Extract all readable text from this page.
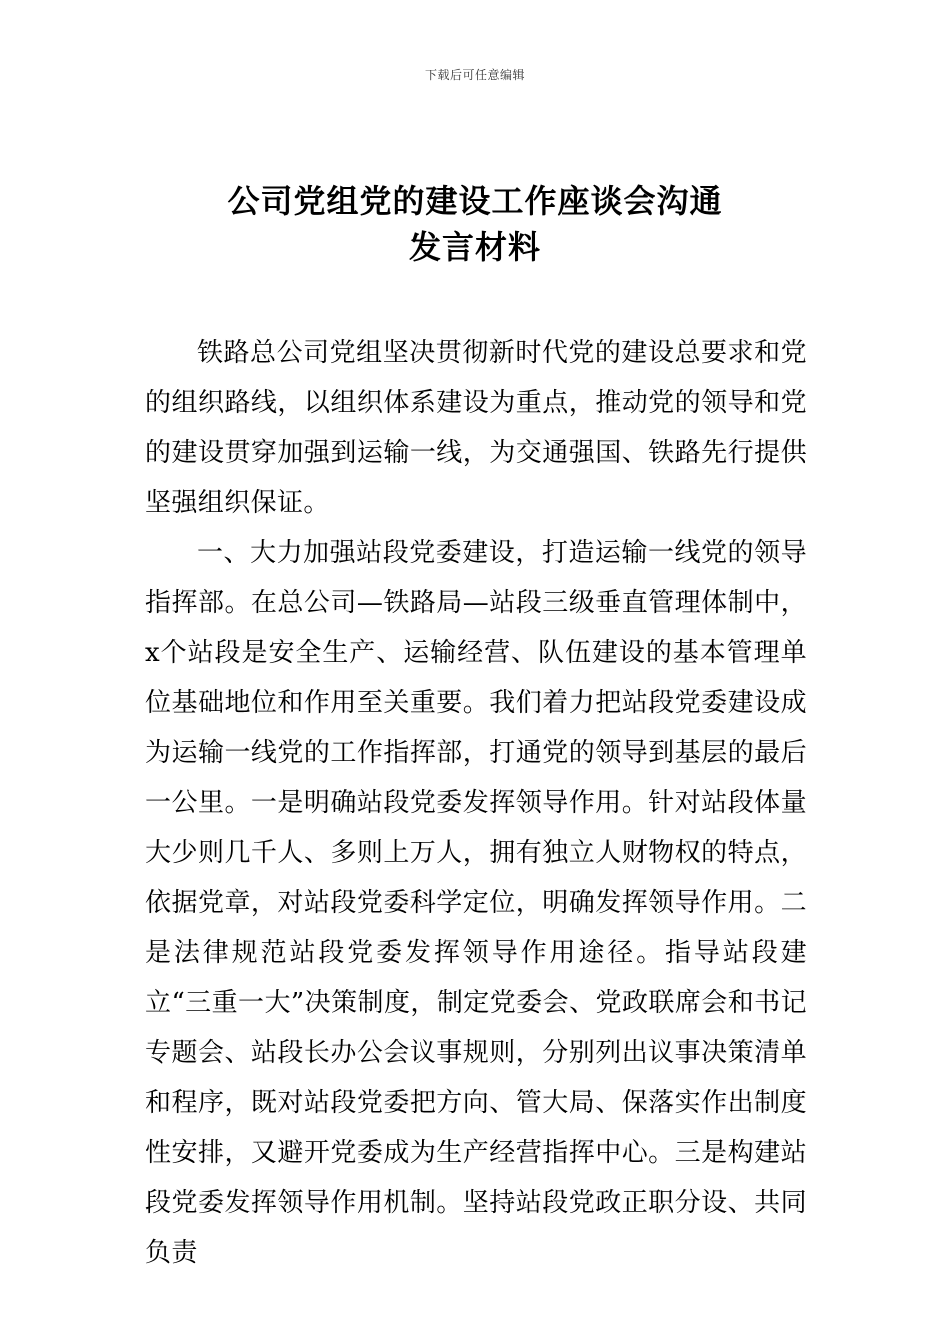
下载后可任意编辑
公司党组党的建设工作座谈会沟通
发言材料

铁路总公司党组坚决贯彻新时代党的建设总要求和党的组织路线，以组织体系建设为重点，推动党的领导和党的建设贯穿加强到运输一线，为交通强国、铁路先行提供坚强组织保证。

一、大力加强站段党委建设，打造运输一线党的领导指挥部。在总公司—铁路局—站段三级垂直管理体制中，x个站段是安全生产、运输经营、队伍建设的基本管理单位基础地位和作用至关重要。我们着力把站段党委建设成为运输一线党的工作指挥部，打通党的领导到基层的最后一公里。一是明确站段党委发挥领导作用。针对站段体量大少则几千人、多则上万人，拥有独立人财物权的特点，依据党章，对站段党委科学定位，明确发挥领导作用。二是法律规范站段党委发挥领导作用途径。指导站段建立“三重一大”决策制度，制定党委会、党政联席会和书记专题会、站段长办公会议事规则，分别列出议事决策清单和程序，既对站段党委把方向、管大局、保落实作出制度性安排，又避开党委成为生产经营指挥中心。三是构建站段党委发挥领导作用机制。坚持站段党政正职分设、共同负责
